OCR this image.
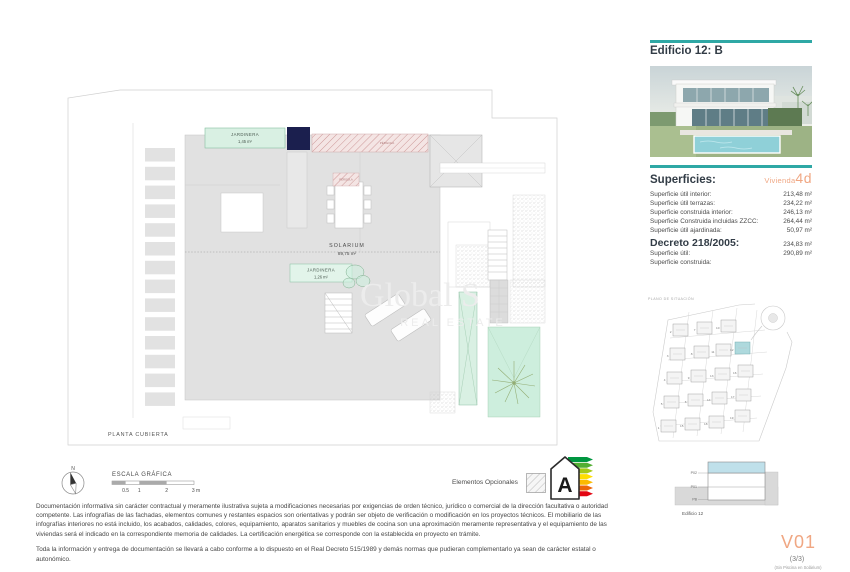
JARDINERA
1,45 m²	PÉRGOLA
PÉRGOLA
SOLARIUM
89,75 m²
JARDINERA
1,26 m² Global S
REAL ESTATE
PLANTA CUBIERTA
N
ESCALA GRÁFICA
0.5 1	2	3 m
Elementos Opcionales A

Documentación informativa sin carácter contractual y meramente ilustrativa sujeta a modificaciones necesarias por exigencias de orden técnico, jurídico o comercial de la dirección facultativa o autoridad competente. Las infografías de las fachadas, elementos comunes y restantes espacios son orientativas y podrán ser objeto de verificación o modificación en los proyectos técnicos. El mobiliario de las infografías interiores no está incluido, los acabados, calidades, colores, equipamiento, aparatos sanitarios y muebles de cocina son una aproximación meramente representativa y el equipamiento de las viviendas será el indicado en la correspondiente memoria de calidades. La certificación energética se corresponde con la establecida en proyecto en trámite.

Toda la información y entrega de documentación se llevará a cabo conforme a lo dispuesto en el Real Decreto 515/1989 y demás normas que pudieran complementarlo ya sean de carácter estatal o autonómico.

Edificio 12: B
Superficies:	Vivienda4d
Superficie útil interior:	213,48 m²
Superficie útil terrazas:	234,22 m²
Superficie construida interior:	246,13 m²
Superficie Construida incluidas ZZCC:	264,44 m²
Superficie útil ajardinada:	50,97 m²
Decreto 218/2005:	234,83 m²
Superficie útil:	290,89 m²
Superficie construida:
PLANO DE SITUACIÓN
2	7	10
3	8	11	12
4	9	13
16
5	6	14
17
1	15	18
19
P02
P01
PB
Edificio 12
V01
(3/3)
(Sin Piscina en Solárium)
